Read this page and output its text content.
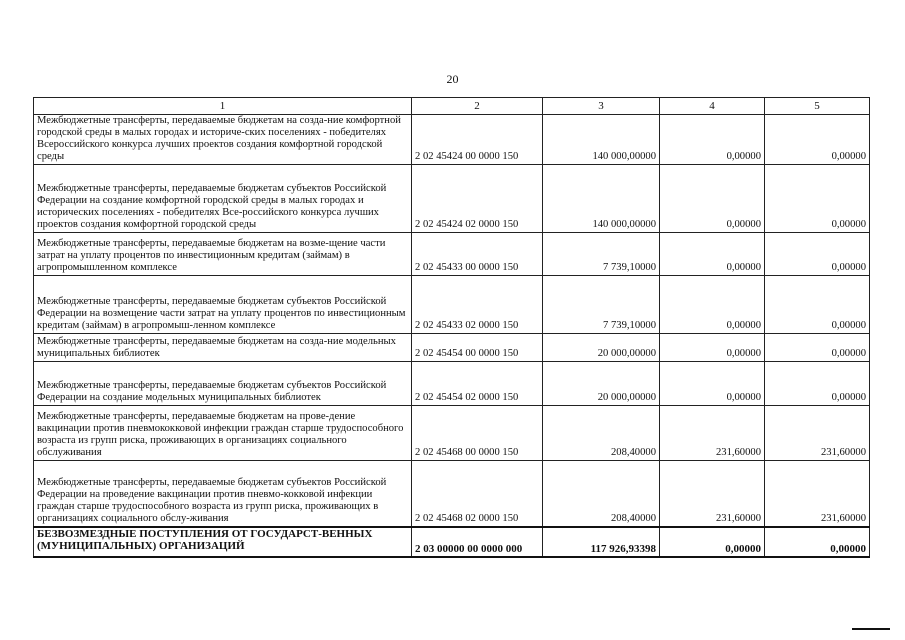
20
1	2	3	4	5
Межбюджетные трансферты, передаваемые бюджетам на созда-ние комфортной городской среды в малых городах и историче-ских поселениях - победителях Всероссийского конкурса лучших проектов создания комфортной городской среды	2 02 45424 00 0000 150	140 000,00000	0,00000	0,00000
Межбюджетные трансферты, передаваемые бюджетам субъектов Российской Федерации на создание комфортной городской среды в малых городах и исторических поселениях - победителях Все-российского конкурса лучших проектов создания комфортной городской среды	2 02 45424 02 0000 150	140 000,00000	0,00000	0,00000
Межбюджетные трансферты, передаваемые бюджетам на возме-щение части затрат на уплату процентов по инвестиционным кредитам (займам) в агропромышленном комплексе	2 02 45433 00 0000 150	7 739,10000	0,00000	0,00000
Межбюджетные трансферты, передаваемые бюджетам субъектов Российской Федерации на возмещение части затрат на уплату процентов по инвестиционным кредитам (займам) в агропромыш-ленном комплексе	2 02 45433 02 0000 150	7 739,10000	0,00000	0,00000
Межбюджетные трансферты, передаваемые бюджетам на созда-ние модельных муниципальных библиотек	2 02 45454 00 0000 150	20 000,00000	0,00000	0,00000
Межбюджетные трансферты, передаваемые бюджетам субъектов Российской Федерации на создание модельных муниципальных библиотек	2 02 45454 02 0000 150	20 000,00000	0,00000	0,00000
Межбюджетные трансферты, передаваемые бюджетам на прове-дение вакцинации против пневмококковой инфекции граждан старше трудоспособного возраста из групп риска, проживающих в организациях социального обслуживания	2 02 45468 00 0000 150	208,40000	231,60000	231,60000
Межбюджетные трансферты, передаваемые бюджетам субъектов Российской Федерации на проведение вакцинации против пневмо-кокковой инфекции граждан старше трудоспособного возраста из групп риска, проживающих в организациях социального обслу-живания	2 02 45468 02 0000 150	208,40000	231,60000	231,60000
БЕЗВОЗМЕЗДНЫЕ ПОСТУПЛЕНИЯ ОТ ГОСУДАРСТ-ВЕННЫХ (МУНИЦИПАЛЬНЫХ) ОРГАНИЗАЦИЙ	2 03 00000 00 0000 000	117 926,93398	0,00000	0,00000
